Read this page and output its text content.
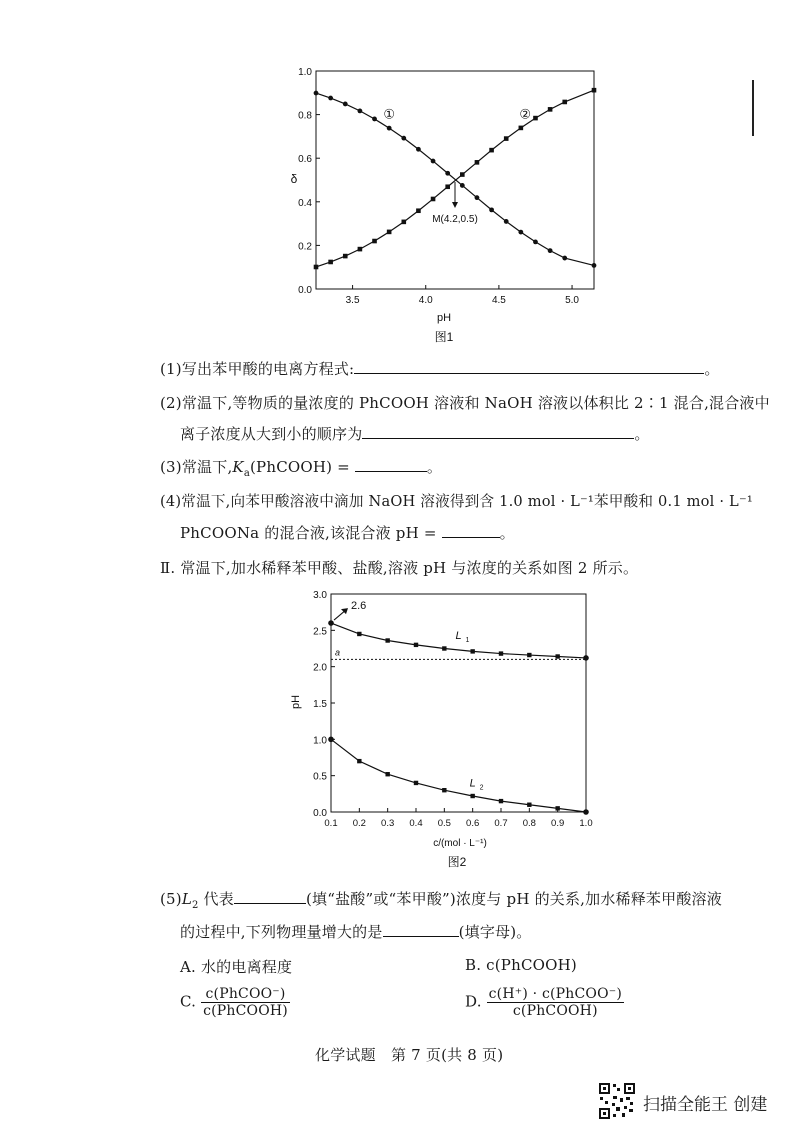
0.0
0.2
0.4
0.6
0.8
1.0
3.5	4.0	4.5	5.0
①	②
M(4.2,0.5)
δ
pH
图1
(1)写出苯甲酸的电离方程式:	。
(2)常温下,等物质的量浓度的 PhCOOH 溶液和 NaOH 溶液以体积比 2∶1 混合,混合液中
离子浓度从大到小的顺序为	。
(3)常温下$,K_a(PhCOOH)$ =	。
(4)常温下,向苯甲酸溶液中滴加 NaOH 溶液得到含 1.0 mol · L⁻¹苯甲酸和 0.1 mol · L⁻¹
PhCOONa 的混合液,该混合液 pH =	。
Ⅱ. 常温下,加水稀释苯甲酸、盐酸,溶液 pH 与浓度的关系如图 2 所示。
0.0
0.5
1.0
1.5
2.0
2.5
3.0
0.1 0.2 0.3 0.4 0.5 0.6 0.7 0.8 0.9 1.0
a
L 1
L 2
2.6
pH
c/(mol · L⁻¹)
图2
$(5)L_2$ 代表	(填“盐酸”或“苯甲酸”)浓度与 pH 的关系,加水稀释苯甲酸溶液
的过程中,下列物理量增大的是	(填字母)。
A. 水的电离程度	B. c(PhCOOH)
C. $\frac{\text{c(PhCOO⁻)}}{\text{c(PhCOOH)}}$	D. $\frac{\text{c(H⁺) · c(PhCOO⁻)}}{\text{c(PhCOOH)}}$
化学试题　第 7 页(共 8 页)
扫描全能王 创建
